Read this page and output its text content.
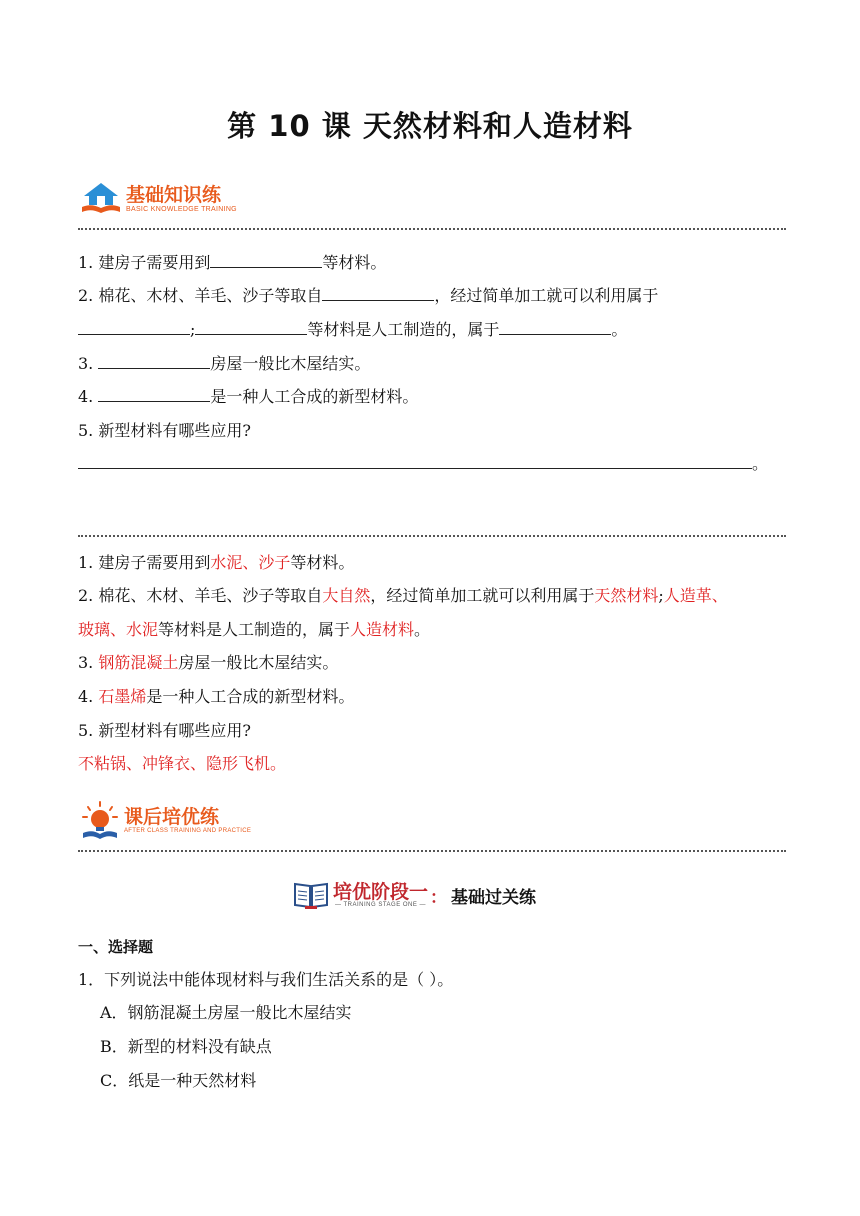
第 10 课 天然材料和人造材料
基础知识练
BASIC KNOWLEDGE TRAINING
1. 建房子需要用到	等材料。
2. 棉花、木材、羊毛、沙子等取自	，经过简单加工就可以利用属于
;	等材料是人工制造的，属于	。
3.	房屋一般比木屋结实。
4.	是一种人工合成的新型材料。
5. 新型材料有哪些应用?
。
1. 建房子需要用到水泥、沙子等材料。
2. 棉花、木材、羊毛、沙子等取自大自然，经过简单加工就可以利用属于天然材料;人造革、
玻璃、水泥等材料是人工制造的，属于人造材料。
3. 钢筋混凝土房屋一般比木屋结实。
4. 石墨烯是一种人工合成的新型材料。
5. 新型材料有哪些应用?
不粘锅、冲锋衣、隐形飞机。
课后培优练
AFTER CLASS TRAINING AND PRACTICE
培优阶段一
— TRAINING STAGE ONE — ： 基础过关练
一、选择题
1．下列说法中能体现材料与我们生活关系的是（ ）。
A．钢筋混凝土房屋一般比木屋结实
B．新型的材料没有缺点
C．纸是一种天然材料
